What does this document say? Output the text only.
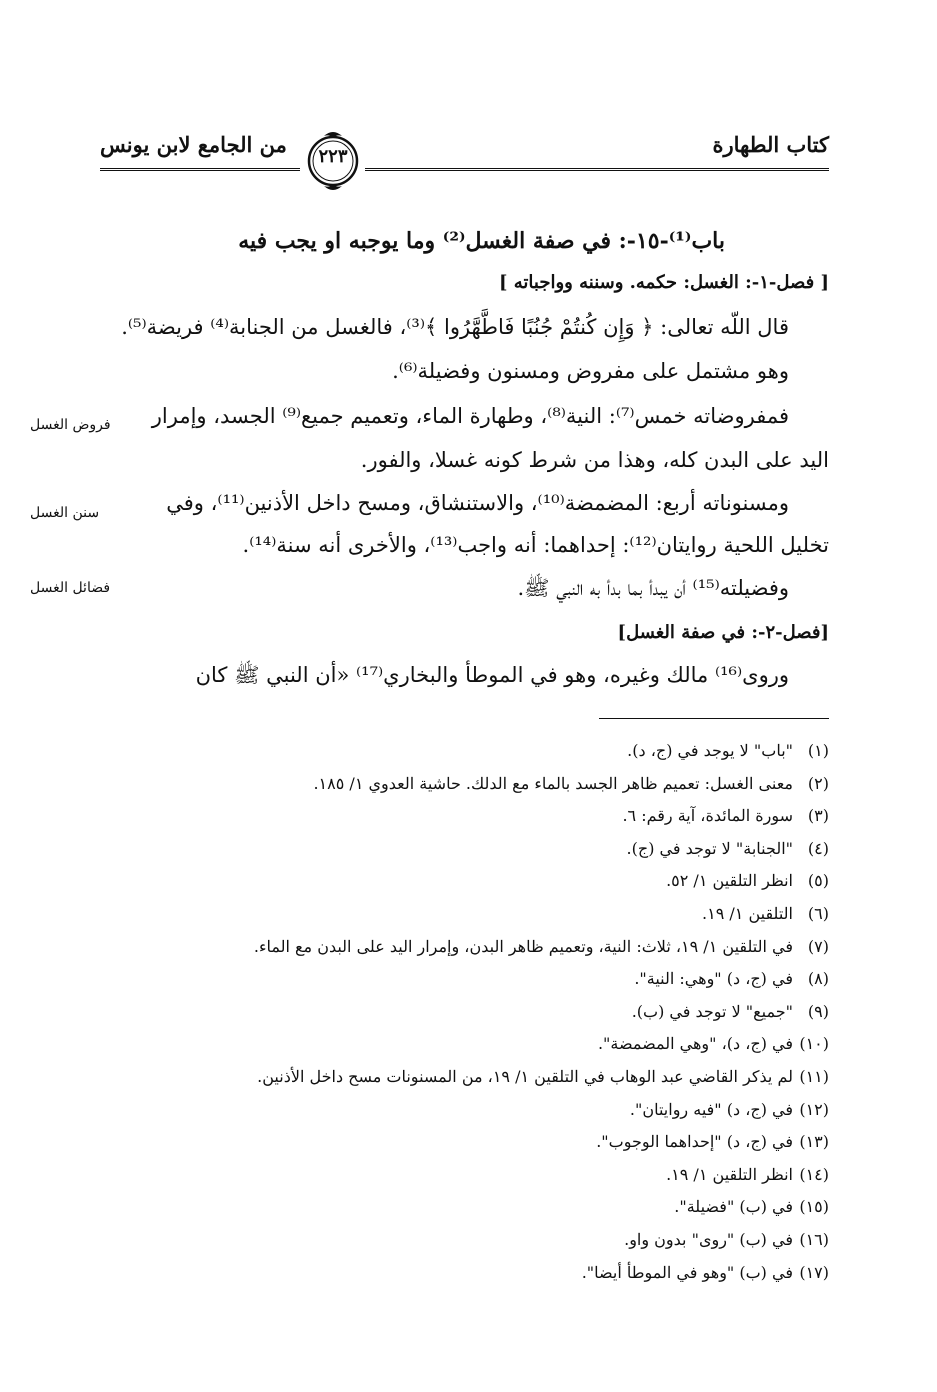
كتاب الطهارة
من الجامع لابن يونس	٢٢٣
باب⁽¹⁾-١٥-: في صفة الغسل⁽²⁾ وما يوجبه او يجب فيه
[ فصل-١-: الغسل: حكمه. وسننه وواجباته ]
قال اللّه تعالى: ﴿ وَإِن كُنتُمْ جُنُبًا فَاطَّهَّرُوا ﴾⁽³⁾، فالغسل من الجنابة⁽⁴⁾ فريضة⁽⁵⁾.
وهو مشتمل على مفروض ومسنون وفضيلة⁽⁶⁾.
فمفروضاته خمس⁽⁷⁾: النية⁽⁸⁾، وطهارة الماء، وتعميم جميع⁽⁹⁾ الجسد، وإمرار
اليد على البدن كله، وهذا من شرط كونه غسلا، والفور.
ومسنوناته أربع: المضمضة⁽¹⁰⁾، والاستنشاق، ومسح داخل الأذنين⁽¹¹⁾، وفي
تخليل اللحية روايتان⁽¹²⁾: إحداهما: أنه واجب⁽¹³⁾، والأخرى أنه سنة⁽¹⁴⁾.
وفضيلته⁽¹⁵⁾ أن يبدأ بما بدأ به النبي ﷺ.
[فصل-٢-: في صفة الغسل]
وروى⁽¹⁶⁾ مالك وغيره، وهو في الموطأ والبخاري⁽¹⁷⁾ «أن النبي ﷺ كان
فروض الغسل
سنن الغسل
فضائل الغسل
(١)"باب" لا يوجد في (ج، د).
(٢)معنى الغسل: تعميم ظاهر الجسد بالماء مع الدلك. حاشية العدوي ١/ ١٨٥.
(٣)سورة المائدة، آية رقم: ٦.
(٤)"الجنابة" لا توجد في (ج).
(٥)انظر التلقين ١/ ٥٢.
(٦)التلقين ١/ ١٩.
(٧)في التلقين ١/ ١٩، ثلاث: النية، وتعميم ظاهر البدن، وإمرار اليد على البدن مع الماء.
(٨)في (ج، د) "وهي: النية".
(٩)"جميع" لا توجد في (ب).
(١٠)في (ج، د)، "وهي المضمضة".
(١١)لم يذكر القاضي عبد الوهاب في التلقين ١/ ١٩، من المسنونات مسح داخل الأذنين.
(١٢)في (ج، د) "فيه روايتان".
(١٣)في (ج، د) "إحداهما الوجوب".
(١٤)انظر التلقين ١/ ١٩.
(١٥)في (ب) "فضيلة".
(١٦)في (ب) "روى" بدون واو.
(١٧)في (ب) "وهو في الموطأ أيضا".
